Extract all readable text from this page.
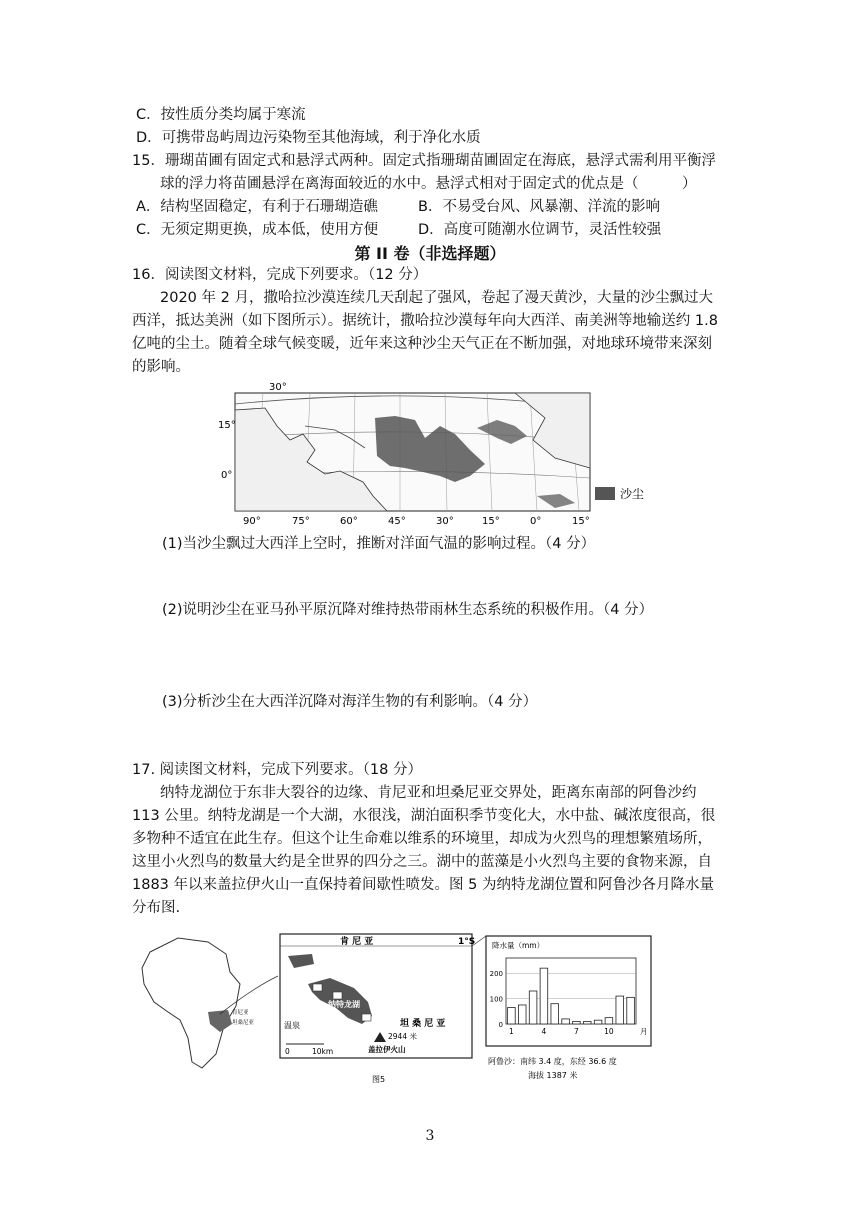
C．按性质分类均属于寒流
D．可携带岛屿周边污染物至其他海域，利于净化水质
15．珊瑚苗圃有固定式和悬浮式两种。固定式指珊瑚苗圃固定在海底，悬浮式需利用平衡浮
球的浮力将苗圃悬浮在离海面较近的水中。悬浮式相对于固定式的优点是（　　　）
A．结构坚固稳定，有利于石珊瑚造礁	B．不易受台风、风暴潮、洋流的影响
C．无须定期更换，成本低，使用方便	D．高度可随潮水位调节，灵活性较强
第 II 卷（非选择题）
16．阅读图文材料，完成下列要求。（12 分）
2020 年 2 月，撒哈拉沙漠连续几天刮起了强风，卷起了漫天黄沙，大量的沙尘飘过大
西洋，抵达美洲（如下图所示）。据统计，撒哈拉沙漠每年向大西洋、南美洲等地输送约 1.8
亿吨的尘土。随着全球气候变暖，近年来这种沙尘天气正在不断加强，对地球环境带来深刻
的影响。
沙尘
30°
15°
0°
90°	75°	60°	45°	30°	15°	0°	15°
(1)当沙尘飘过大西洋上空时，推断对洋面气温的影响过程。（4 分）
(2)说明沙尘在亚马孙平原沉降对维持热带雨林生态系统的积极作用。（4 分）
(3)分析沙尘在大西洋沉降对海洋生物的有利影响。（4 分）
17. 阅读图文材料，完成下列要求。（18 分）
纳特龙湖位于东非大裂谷的边缘、肯尼亚和坦桑尼亚交界处，距离东南部的阿鲁沙约
113 公里。纳特龙湖是一个大湖，水很浅，湖泊面积季节变化大，水中盐、碱浓度很高，很
多物种不适宜在此生存。但这个让生命难以维系的环境里，却成为火烈鸟的理想繁殖场所，
这里小火烈鸟的数量大约是全世界的四分之三。湖中的蓝藻是小火烈鸟主要的食物来源，自
1883 年以来盖拉伊火山一直保持着间歇性喷发。图 5 为纳特龙湖位置和阿鲁沙各月降水量
分布图.
肯尼亚
坦桑尼亚
肯 尼 亚	1°S
纳特龙湖
坦 桑 尼 亚
温泉
0	10km
2944 米
盖拉伊火山
图5
降水量（mm）
0
100
200
1	4	7	10	月
阿鲁沙：南纬 3.4 度，东经 36.6 度
海拔 1387 米
3
